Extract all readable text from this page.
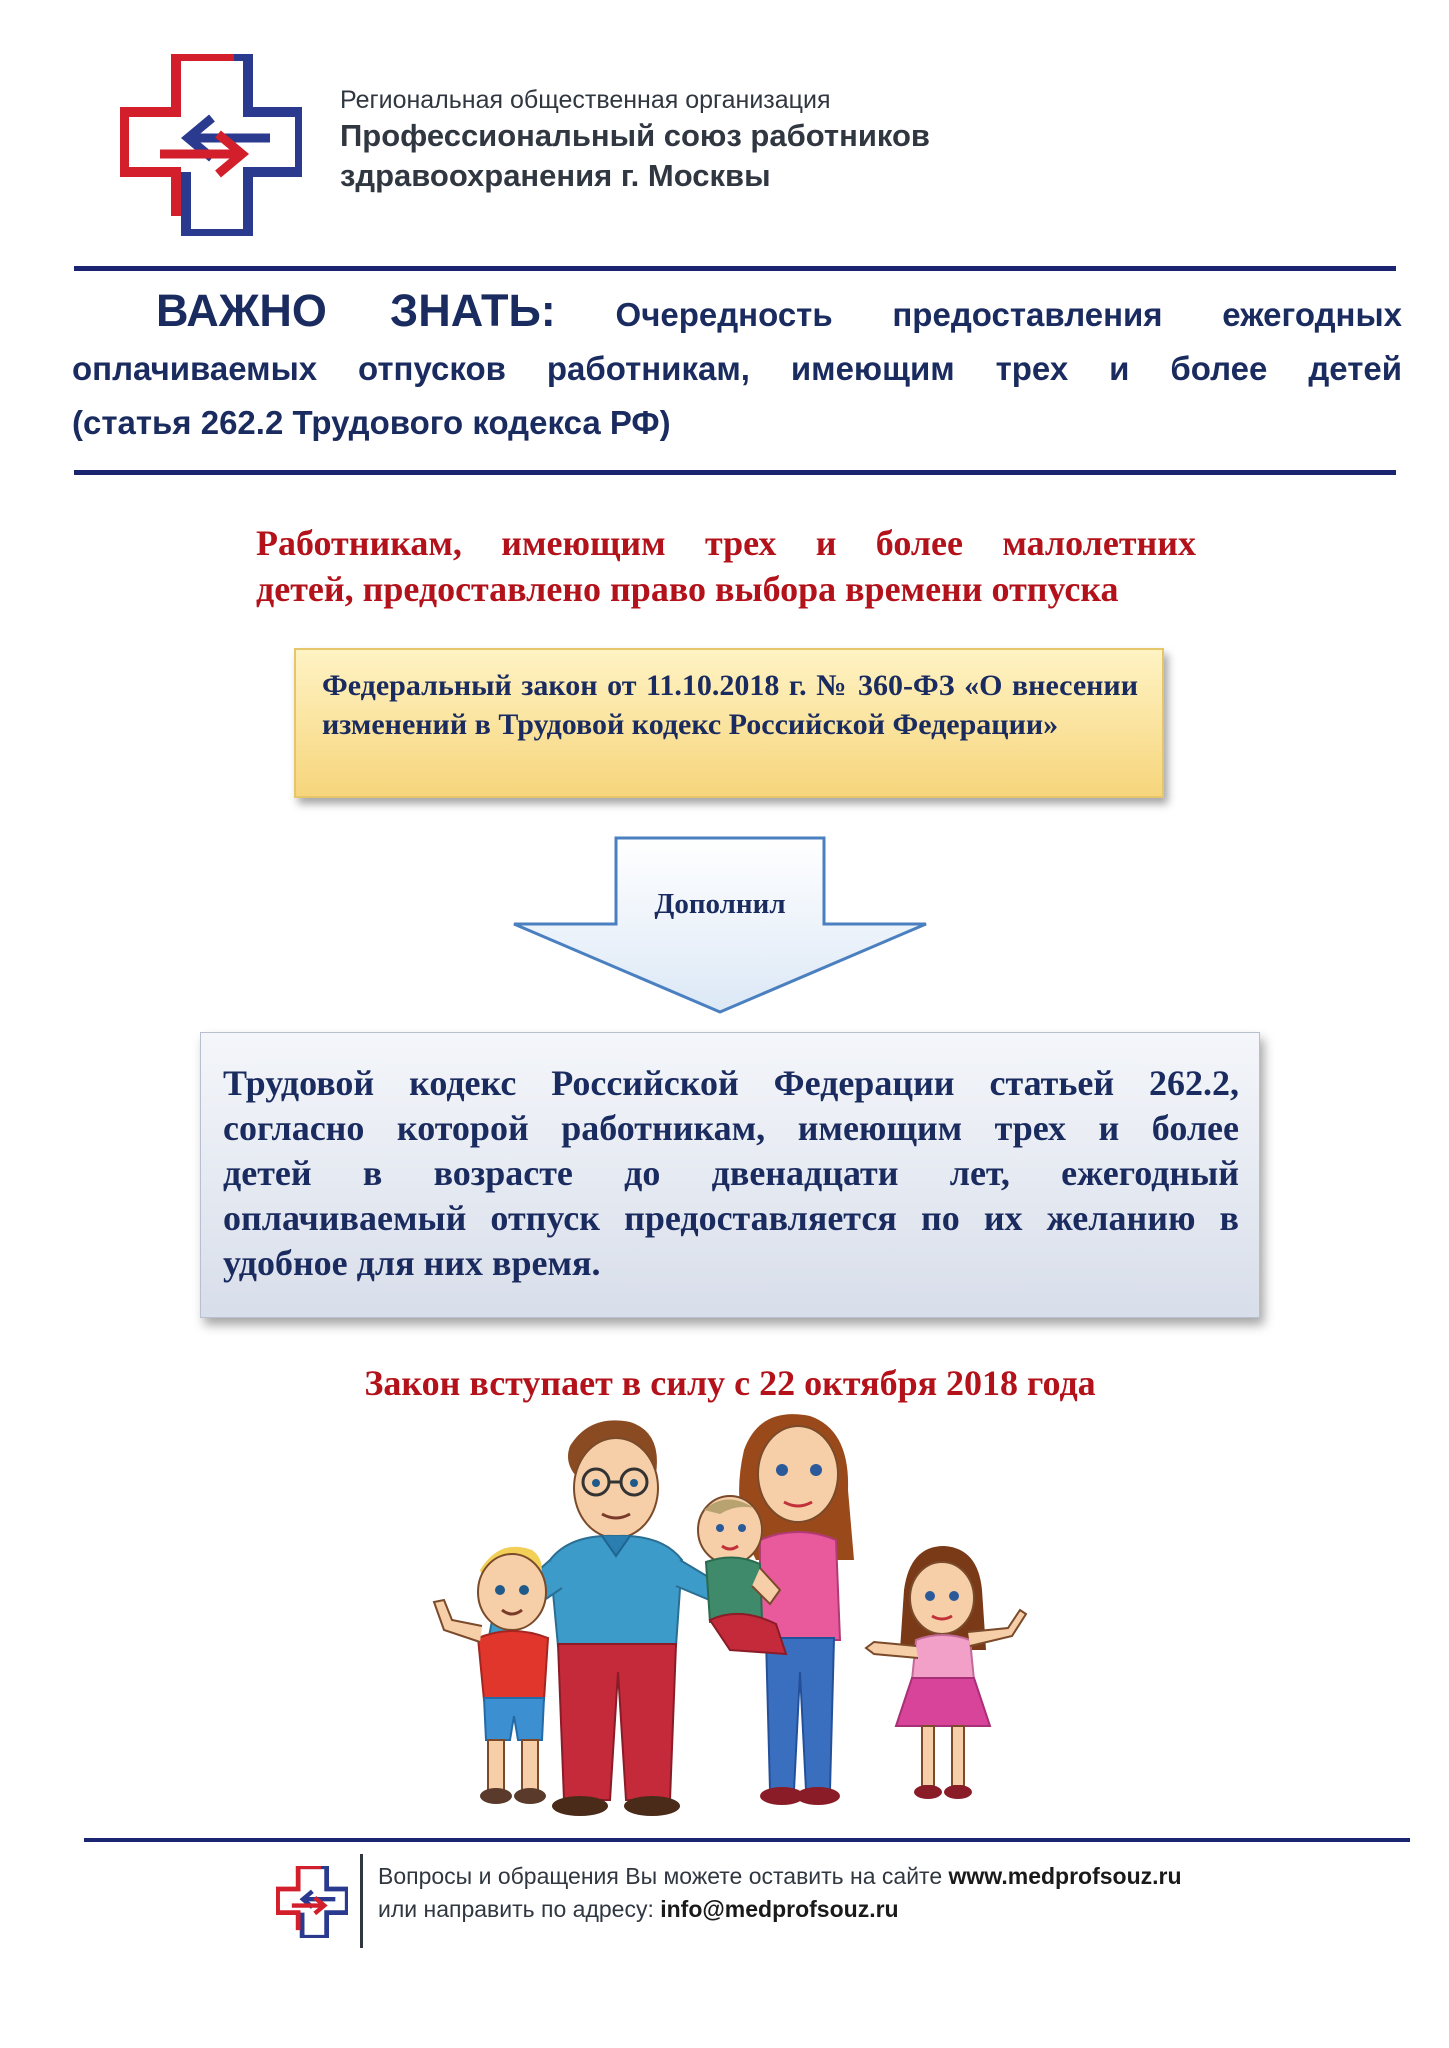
Региональная общественная организация
Профессиональный союз работников
здравоохранения г. Москвы

ВАЖНО ЗНАТЬ: Очередность предоставления ежегодных

оплачиваемых отпусков работникам, имеющим трех и более детей

(статья 262.2 Трудового кодекса РФ)

Работникам, имеющим трех и более малолетних
детей, предоставлено право выбора времени отпуска
Федеральный закон от 11.10.2018 г. № 360-ФЗ «О внесении изменений в Трудовой кодекс Российской Федерации»
Дополнил
Трудовой кодекс Российской Федерации статьей 262.2,
согласно которой работникам, имеющим трех и более
детей в возрасте до двенадцати лет, ежегодный
оплачиваемый отпуск предоставляется по их желанию в
удобное для них время.
Закон вступает в силу с 22 октября 2018 года
Вопросы и обращения Вы можете оставить на сайте www.medprofsouz.ru
или направить по адресу: info@medprofsouz.ru
